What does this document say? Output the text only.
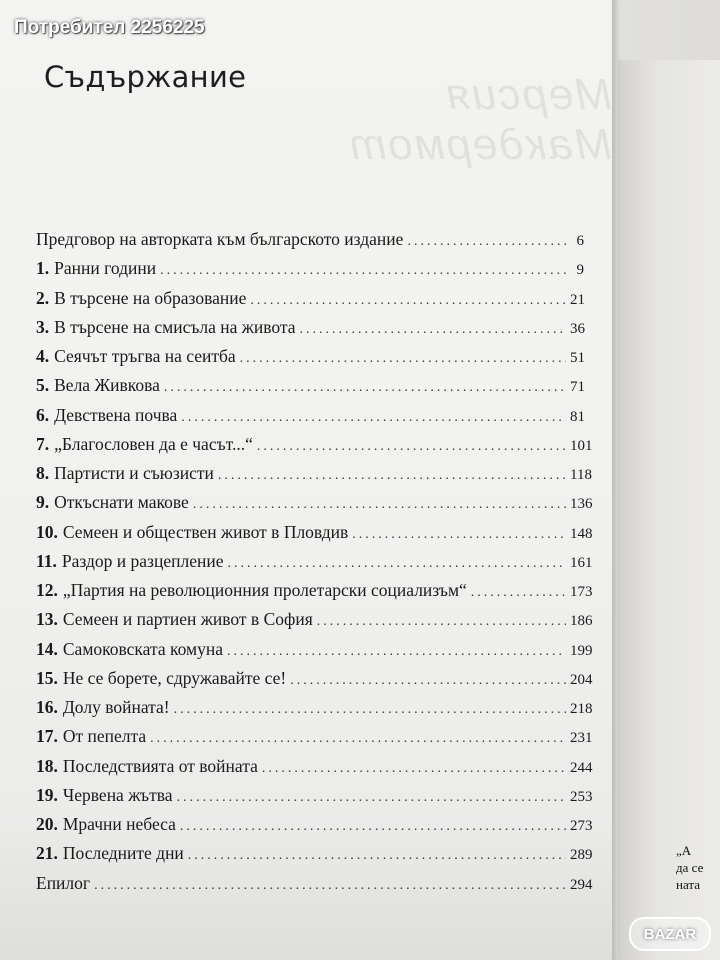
Мерсия Макдермот
Потребител 2256225
Съдържание
Предговор на авторката към българското издание .....	6
1. Ранни години .....	9
2. В търсене на образование .....	21
3. В търсене на смисъла на живота .....	36
4. Сеячът тръгва на сеитба .....	51
5. Вела Живкова .....	71
6. Девствена почва .....	81
7. „Благословен да е часът...“ .....	101
8. Партисти и съюзисти .....	118
9. Откъснати макове .....	136
10. Семеен и обществен живот в Пловдив .....	148
11. Раздор и разцепление .....	161
12. „Партия на революционния пролетарски социализъм“ .....	173
13. Семеен и партиен живот в София .....	186
14. Самоковската комуна .....	199
15. Не се борете, сдружавайте се! .....	204
16. Долу войната! .....	218
17. От пепелта .....	231
18. Последствията от войната .....	244
19. Червена жътва .....	253
20. Мрачни небеса .....	273
21. Последните дни .....	289
Епилог .....	294
„А
да се
ната
BAZAR
